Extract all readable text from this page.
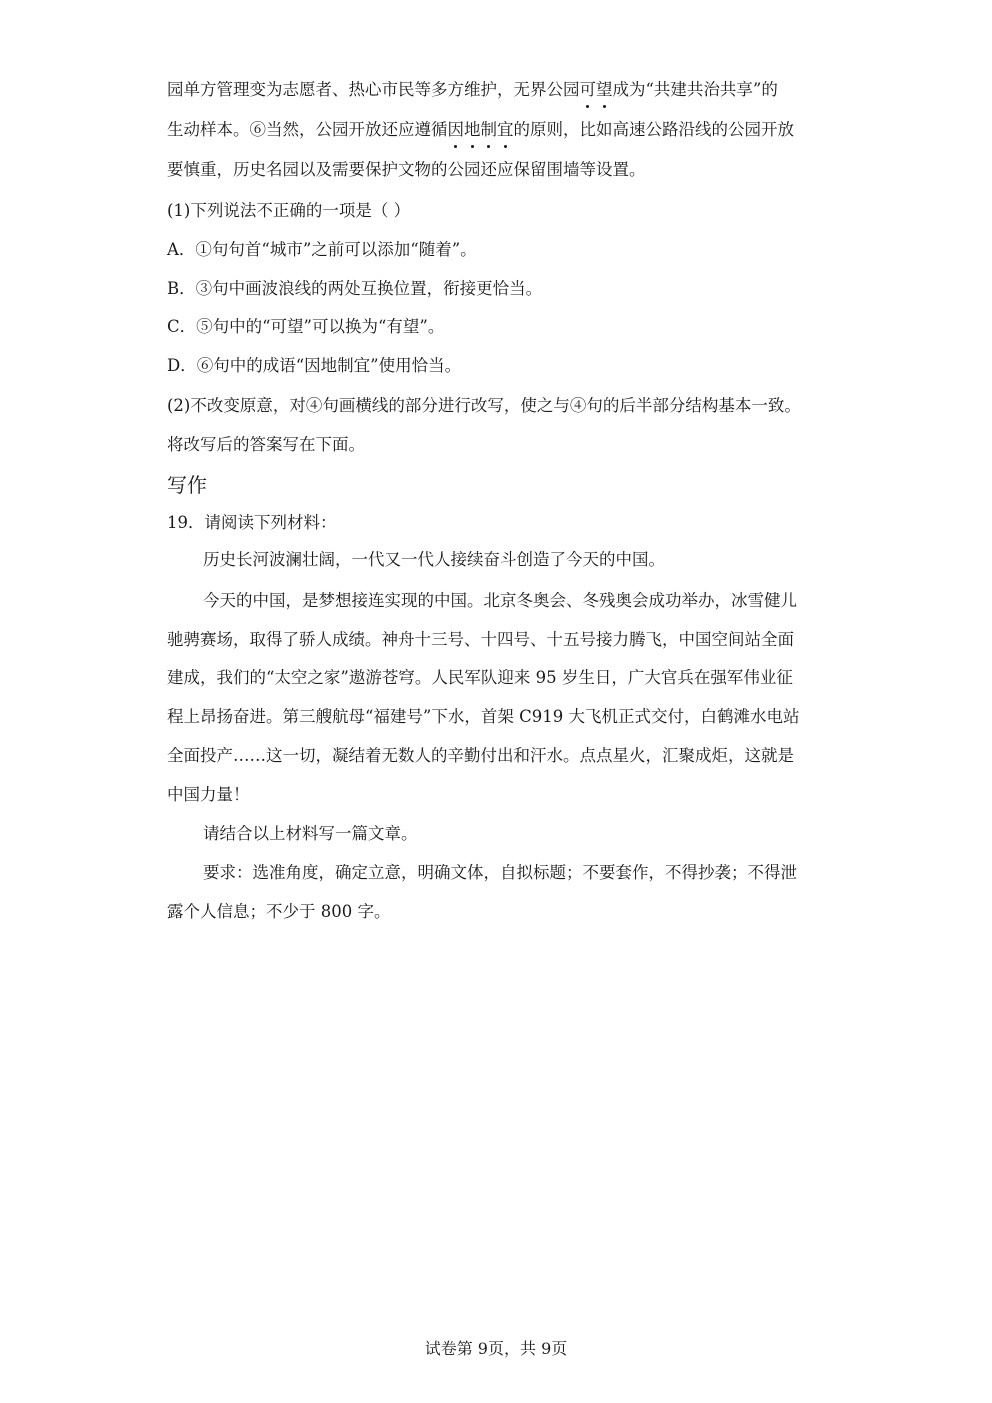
园单方管理变为志愿者、热心市民等多方维护，无界公园可望成为“共建共治共享”的
生动样本。⑥当然，公园开放还应遵循因地制宜的原则，比如高速公路沿线的公园开放
要慎重，历史名园以及需要保护文物的公园还应保留围墙等设置。
(1)下列说法不正确的一项是（ ）
A．①句句首“城市”之前可以添加“随着”。
B．③句中画波浪线的两处互换位置，衔接更恰当。
C．⑤句中的“可望”可以换为“有望”。
D．⑥句中的成语“因地制宜”使用恰当。
(2)不改变原意，对④句画横线的部分进行改写，使之与④句的后半部分结构基本一致。
将改写后的答案写在下面。
写作
19．请阅读下列材料：
历史长河波澜壮阔，一代又一代人接续奋斗创造了今天的中国。
今天的中国，是梦想接连实现的中国。北京冬奥会、冬残奥会成功举办，冰雪健儿
驰骋赛场，取得了骄人成绩。神舟十三号、十四号、十五号接力腾飞，中国空间站全面
建成，我们的“太空之家”遨游苍穹。人民军队迎来 95 岁生日，广大官兵在强军伟业征
程上昂扬奋进。第三艘航母“福建号”下水，首架 C919 大飞机正式交付，白鹤滩水电站
全面投产……这一切，凝结着无数人的辛勤付出和汗水。点点星火，汇聚成炬，这就是
中国力量！
请结合以上材料写一篇文章。
要求：选准角度，确定立意，明确文体，自拟标题；不要套作，不得抄袭；不得泄
露个人信息；不少于 800 字。
试卷第 9页，共 9页
